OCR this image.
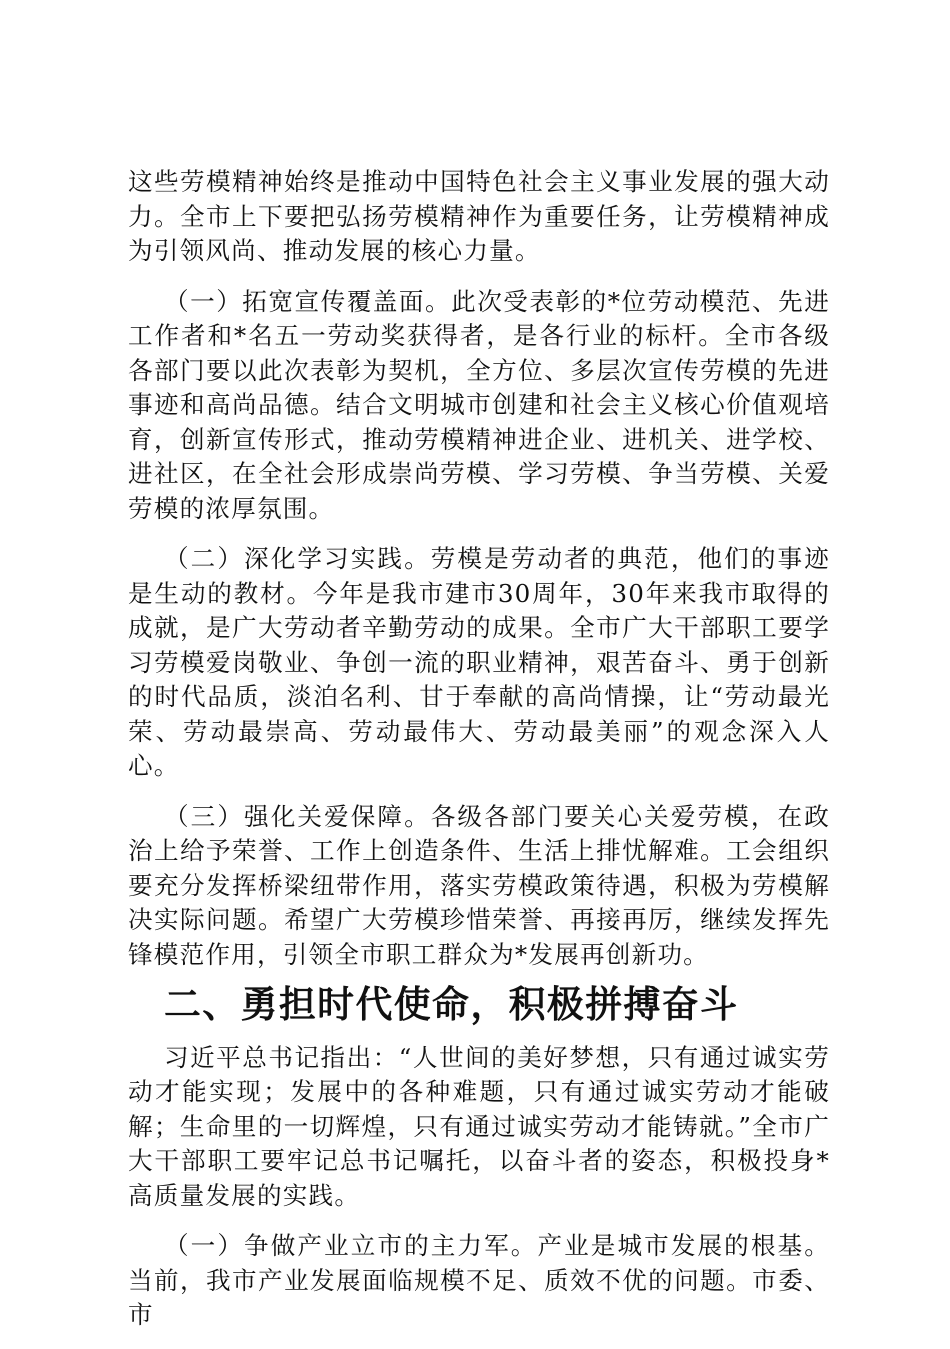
这些劳模精神始终是推动中国特色社会主义事业发展的强大动力。全市上下要把弘扬劳模精神作为重要任务，让劳模精神成为引领风尚、推动发展的核心力量。

（一）拓宽宣传覆盖面。此次受表彰的*位劳动模范、先进工作者和*名五一劳动奖获得者，是各行业的标杆。全市各级各部门要以此次表彰为契机，全方位、多层次宣传劳模的先进事迹和高尚品德。结合文明城市创建和社会主义核心价值观培育，创新宣传形式，推动劳模精神进企业、进机关、进学校、进社区，在全社会形成崇尚劳模、学习劳模、争当劳模、关爱劳模的浓厚氛围。

（二）深化学习实践。劳模是劳动者的典范，他们的事迹是生动的教材。今年是我市建市30周年，30年来我市取得的成就，是广大劳动者辛勤劳动的成果。全市广大干部职工要学习劳模爱岗敬业、争创一流的职业精神，艰苦奋斗、勇于创新的时代品质，淡泊名利、甘于奉献的高尚情操，让“劳动最光荣、劳动最崇高、劳动最伟大、劳动最美丽”的观念深入人心。

（三）强化关爱保障。各级各部门要关心关爱劳模，在政治上给予荣誉、工作上创造条件、生活上排忧解难。工会组织要充分发挥桥梁纽带作用，落实劳模政策待遇，积极为劳模解决实际问题。希望广大劳模珍惜荣誉、再接再厉，继续发挥先锋模范作用，引领全市职工群众为*发展再创新功。

二、勇担时代使命，积极拼搏奋斗

习近平总书记指出：“人世间的美好梦想，只有通过诚实劳动才能实现；发展中的各种难题，只有通过诚实劳动才能破解；生命里的一切辉煌，只有通过诚实劳动才能铸就。”全市广大干部职工要牢记总书记嘱托，以奋斗者的姿态，积极投身*高质量发展的实践。

（一）争做产业立市的主力军。产业是城市发展的根基。当前，我市产业发展面临规模不足、质效不优的问题。市委、市
